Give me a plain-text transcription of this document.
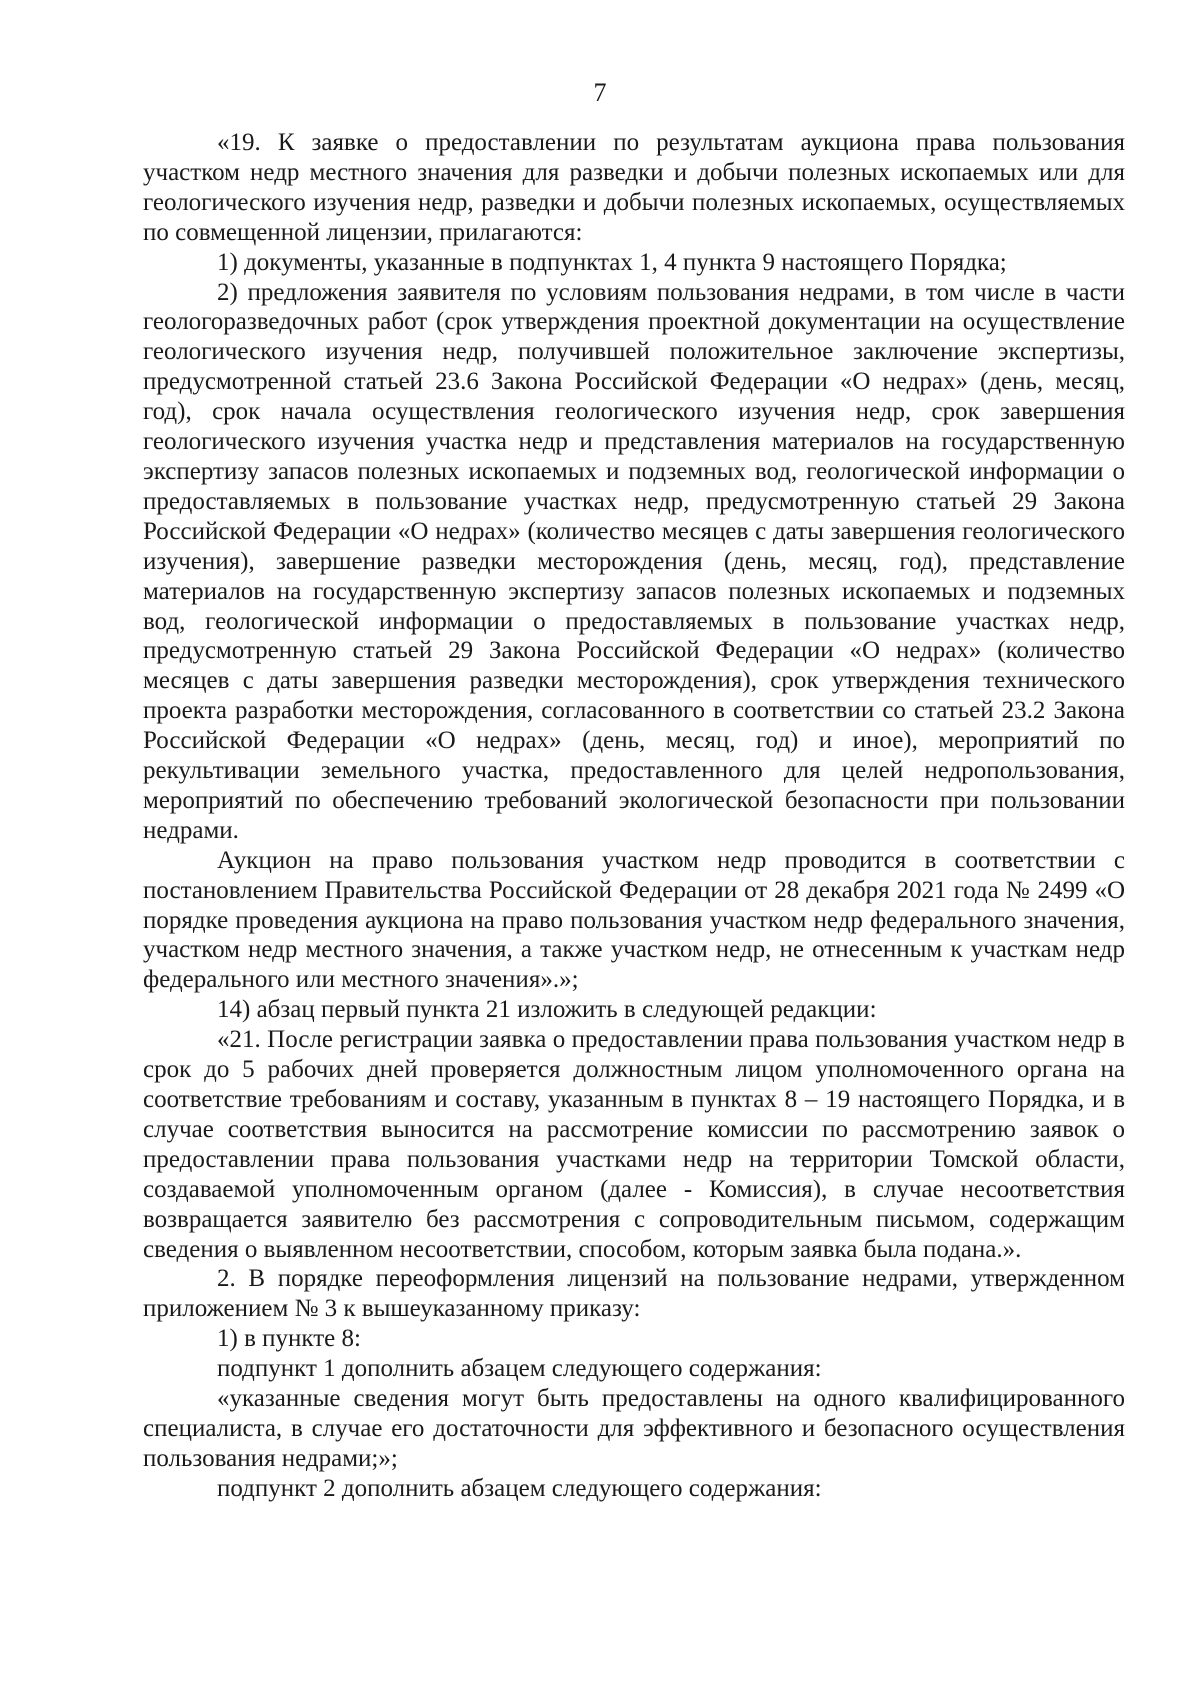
7

«19. К заявке о предоставлении по результатам аукциона права пользования участком недр местного значения для разведки и добычи полезных ископаемых или для геологического изучения недр, разведки и добычи полезных ископаемых, осуществляемых по совмещенной лицензии, прилагаются:

1) документы, указанные в подпунктах 1, 4 пункта 9 настоящего Порядка;

2) предложения заявителя по условиям пользования недрами, в том числе в части геологоразведочных работ (срок утверждения проектной документации на осуществление геологического изучения недр, получившей положительное заключение экспертизы, предусмотренной статьей 23.6 Закона Российской Федерации «О недрах» (день, месяц, год), срок начала осуществления геологического изучения недр, срок завершения геологического изучения участка недр и представления материалов на государственную экспертизу запасов полезных ископаемых и подземных вод, геологической информации о предоставляемых в пользование участках недр, предусмотренную статьей 29 Закона Российской Федерации «О недрах» (количество месяцев с даты завершения геологического изучения), завершение разведки месторождения (день, месяц, год), представление материалов на государственную экспертизу запасов полезных ископаемых и подземных вод, геологической информации о предоставляемых в пользование участках недр, предусмотренную статьей 29 Закона Российской Федерации «О недрах» (количество месяцев с даты завершения разведки месторождения), срок утверждения технического проекта разработки месторождения, согласованного в соответствии со статьей 23.2 Закона Российской Федерации «О недрах» (день, месяц, год) и иное), мероприятий по рекультивации земельного участка, предоставленного для целей недропользования, мероприятий по обеспечению требований экологической безопасности при пользовании недрами.

Аукцион на право пользования участком недр проводится в соответствии с постановлением Правительства Российской Федерации от 28 декабря 2021 года № 2499 «О порядке проведения аукциона на право пользования участком недр федерального значения, участком недр местного значения, а также участком недр, не отнесенным к участкам недр федерального или местного значения».»;

14) абзац первый пункта 21 изложить в следующей редакции:

«21. После регистрации заявка о предоставлении права пользования участком недр в срок до 5 рабочих дней проверяется должностным лицом уполномоченного органа на соответствие требованиям и составу, указанным в пунктах 8 – 19 настоящего Порядка, и в случае соответствия выносится на рассмотрение комиссии по рассмотрению заявок о предоставлении права пользования участками недр на территории Томской области, создаваемой уполномоченным органом (далее - Комиссия), в случае несоответствия возвращается заявителю без рассмотрения с сопроводительным письмом, содержащим сведения о выявленном несоответствии, способом, которым заявка была подана.».

2. В порядке переоформления лицензий на пользование недрами, утвержденном приложением № 3 к вышеуказанному приказу:

1) в пункте 8:

подпункт 1 дополнить абзацем следующего содержания:

«указанные сведения могут быть предоставлены на одного квалифицированного специалиста, в случае его достаточности для эффективного и безопасного осуществления пользования недрами;»;

подпункт 2 дополнить абзацем следующего содержания:
